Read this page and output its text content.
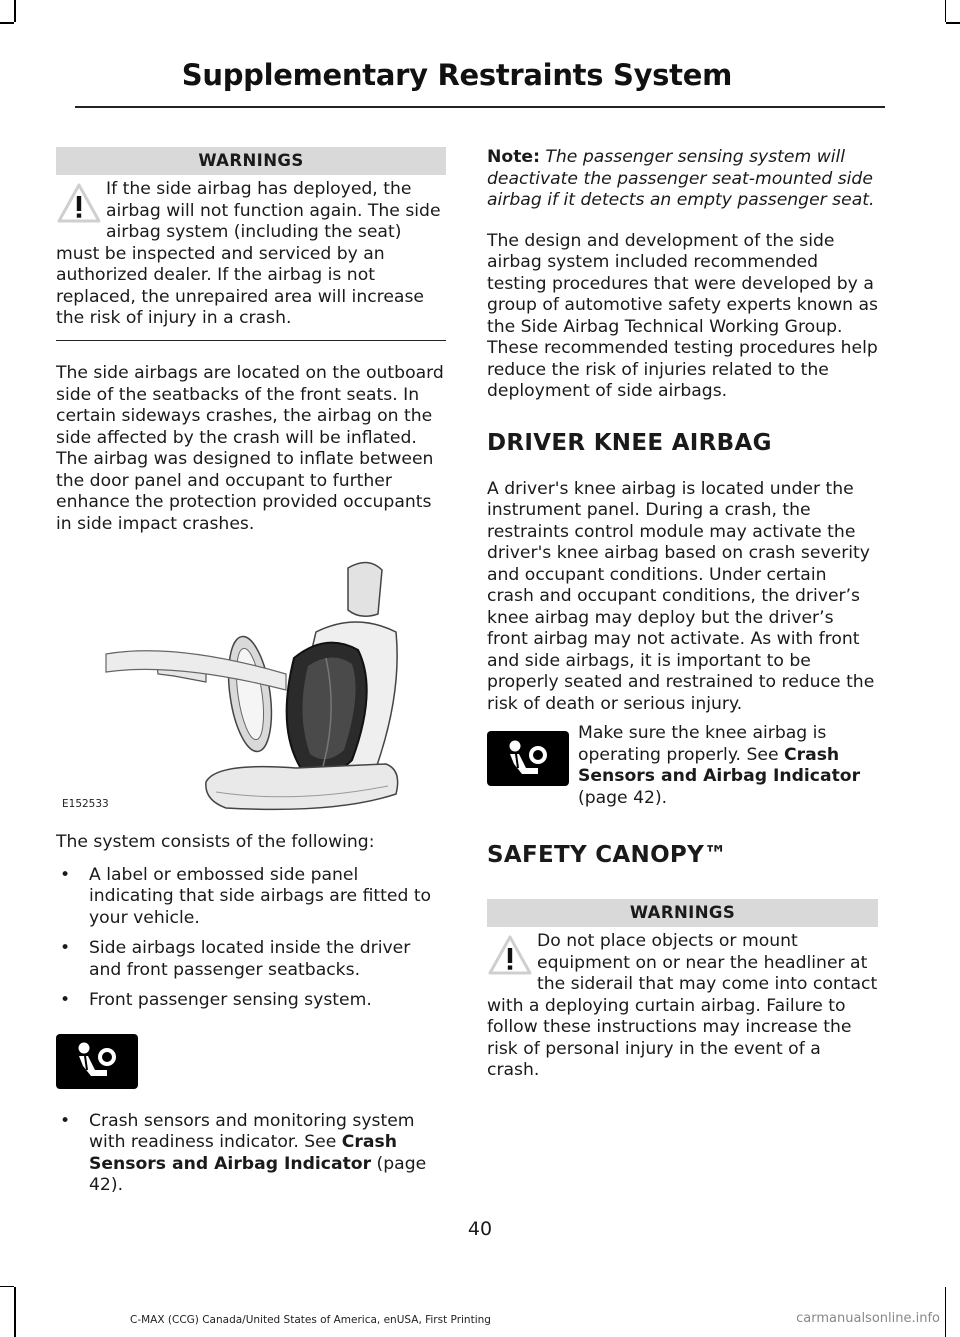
Supplementary Restraints System
WARNINGS

If the side airbag has deployed, the airbag will not function again. The side airbag system (including the seat) must be inspected and serviced by an authorized dealer. If the airbag is not replaced, the unrepaired area will increase the risk of injury in a crash.

The side airbags are located on the outboard side of the seatbacks of the front seats. In certain sideways crashes, the airbag on the side affected by the crash will be inflated. The airbag was designed to inflate between the door panel and occupant to further enhance the protection provided occupants in side impact crashes.

E152533

The system consists of the following:

• A label or embossed side panel indicating that side airbags are fitted to your vehicle.
• Side airbags located inside the driver and front passenger seatbacks.
• Front passenger sensing system.
• Crash sensors and monitoring system with readiness indicator. See Crash Sensors and Airbag Indicator (page 42).

Note: The passenger sensing system will deactivate the passenger seat-mounted side airbag if it detects an empty passenger seat.

The design and development of the side airbag system included recommended testing procedures that were developed by a group of automotive safety experts known as the Side Airbag Technical Working Group. These recommended testing procedures help reduce the risk of injuries related to the deployment of side airbags.

DRIVER KNEE AIRBAG

A driver's knee airbag is located under the instrument panel. During a crash, the restraints control module may activate the driver's knee airbag based on crash severity and occupant conditions. Under certain crash and occupant conditions, the driver’s knee airbag may deploy but the driver’s front airbag may not activate. As with front and side airbags, it is important to be properly seated and restrained to reduce the risk of death or serious injury.

Make sure the knee airbag is operating properly. See Crash Sensors and Airbag Indicator (page 42).

SAFETY CANOPY™
WARNINGS

Do not place objects or mount equipment on or near the headliner at the siderail that may come into contact with a deploying curtain airbag. Failure to follow these instructions may increase the risk of personal injury in the event of a crash.

40
C-MAX (CCG) Canada/United States of America, enUSA, First Printing	carmanualsonline.info
